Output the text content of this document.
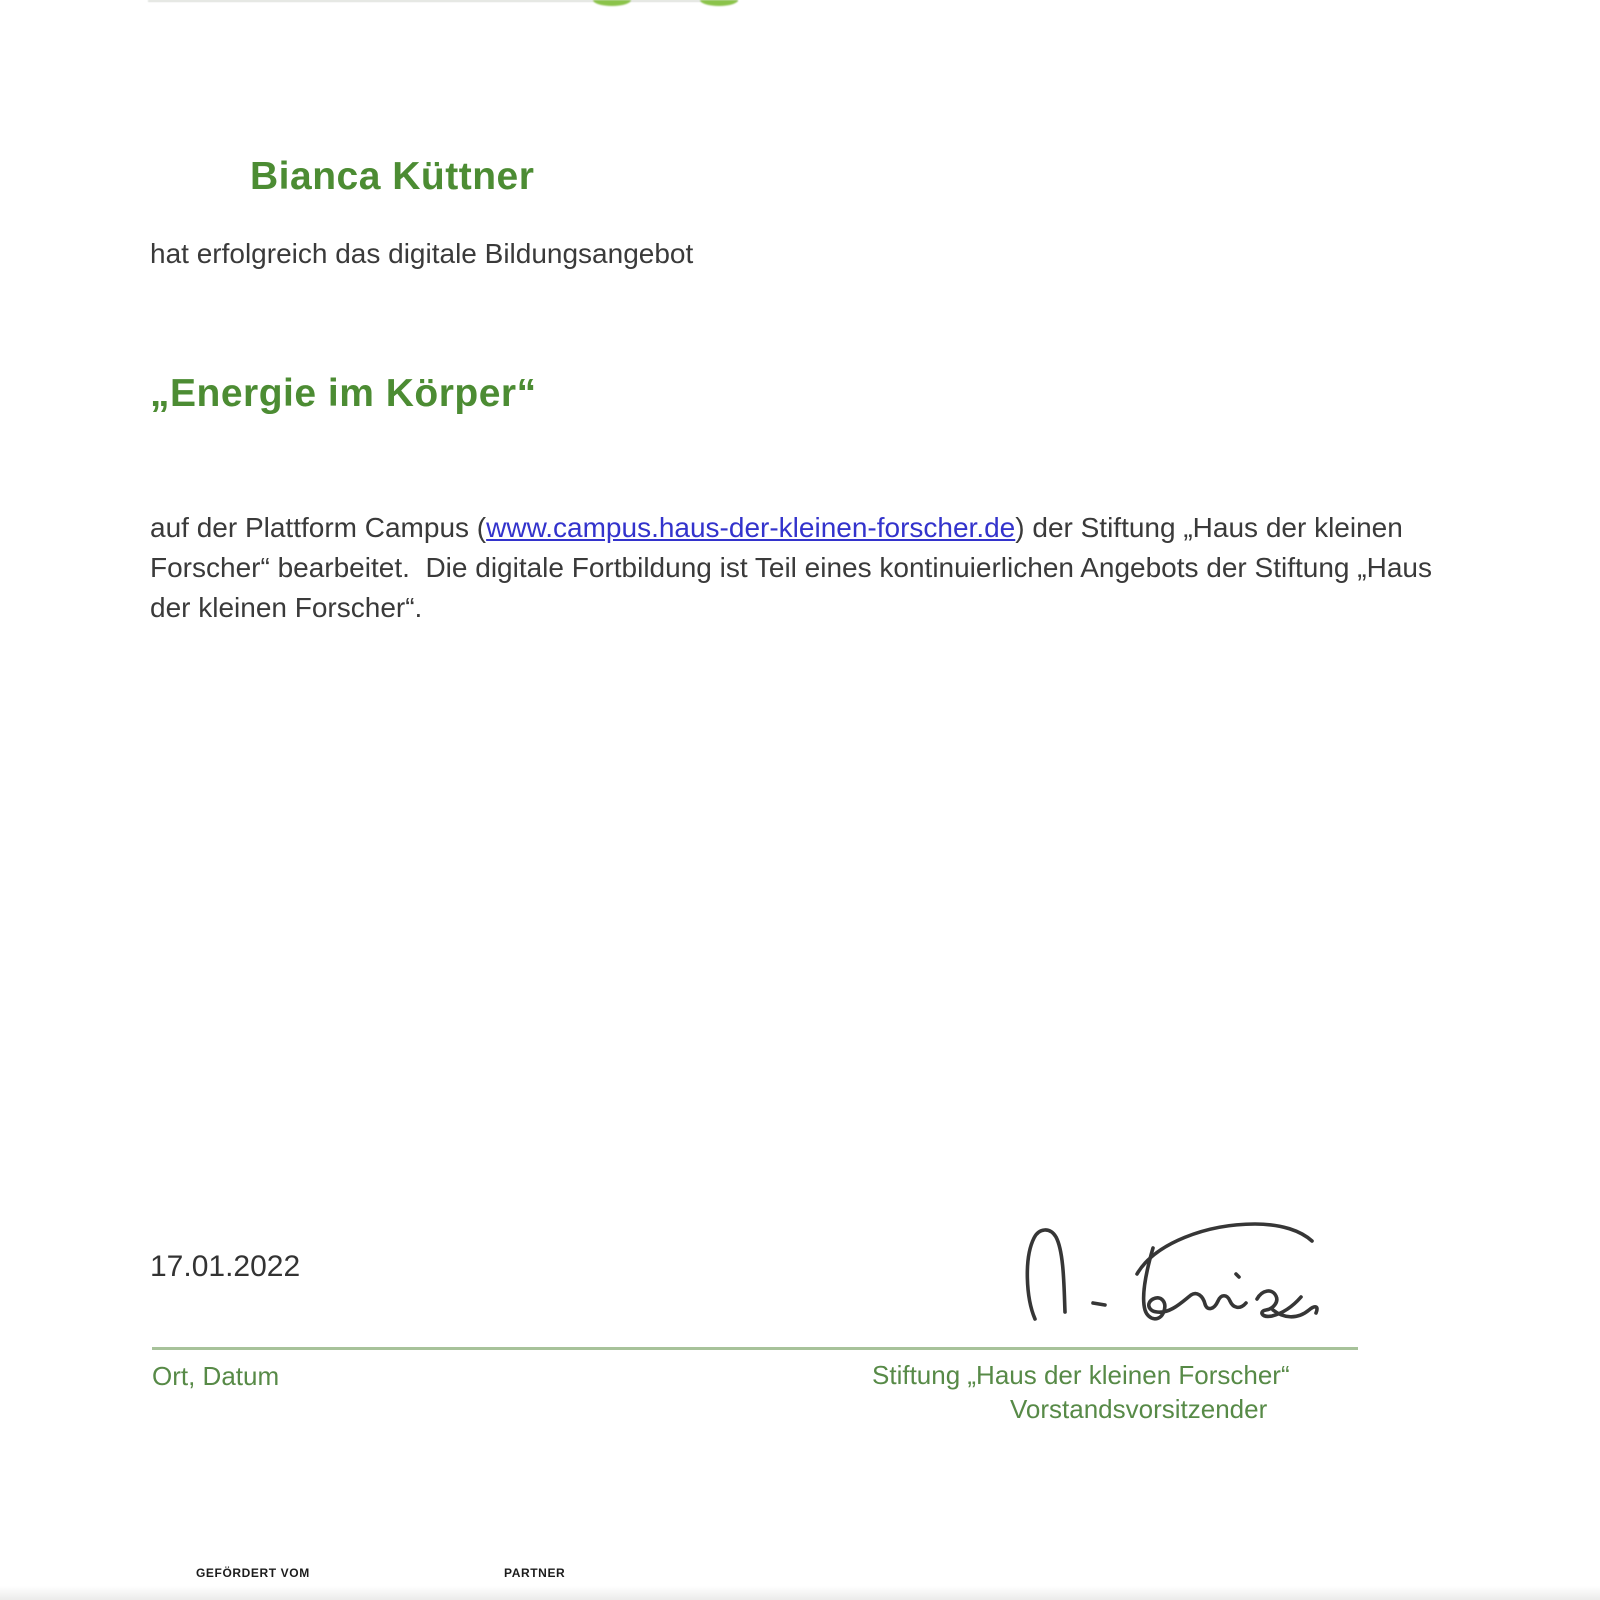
Bianca Küttner
hat erfolgreich das digitale Bildungsangebot
„Energie im Körper“
auf der Plattform Campus (www.campus.haus-der-kleinen-forscher.de) der Stiftung „Haus der kleinen Forscher“ bearbeitet.  Die digitale Fortbildung ist Teil eines kontinuierlichen Angebots der Stiftung „Haus der kleinen Forscher“.
17.01.2022
Ort, Datum	Stiftung „Haus der kleinen Forscher“
Vorstandsvorsitzender
GEFÖRDERT VOM	PARTNER
